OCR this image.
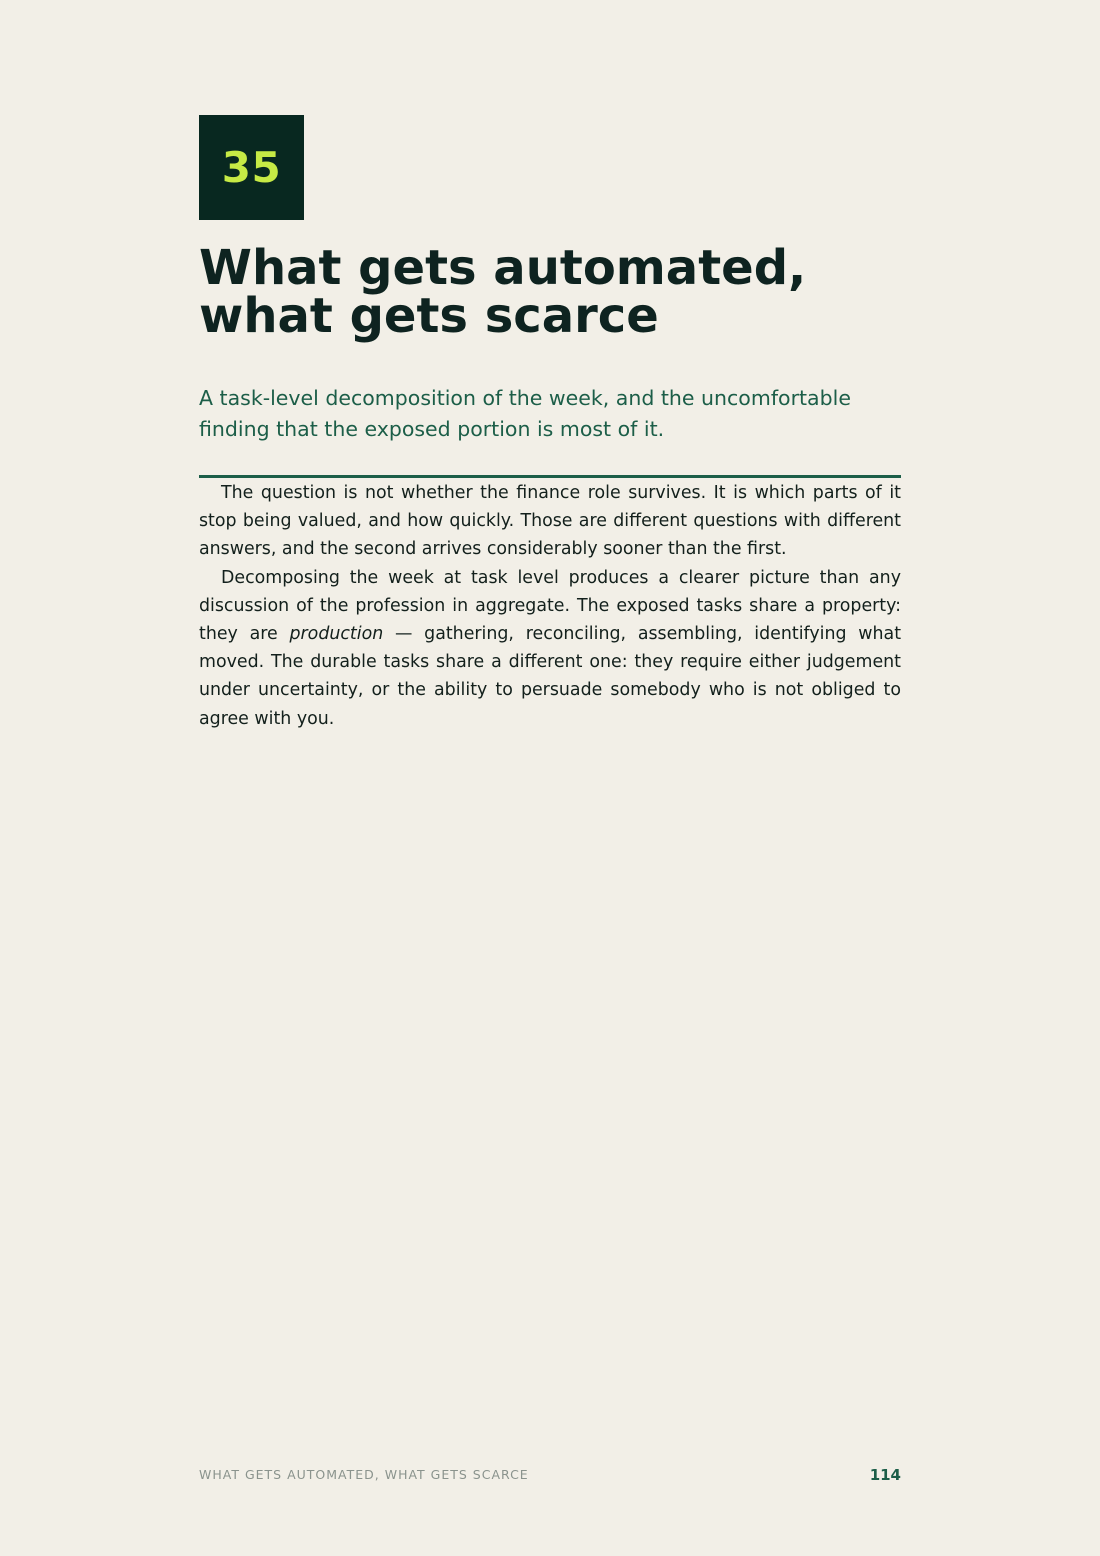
35
What gets automated,
what gets scarce

A task-level decomposition of the week, and the uncomfortable finding that the exposed portion is most of it.

The question is not whether the finance role survives. It is which parts of it stop being valued, and how quickly. Those are different questions with different answers, and the second arrives considerably sooner than the first.

Decomposing the week at task level produces a clearer picture than any discussion of the profession in aggregate. The exposed tasks share a property: they are production — gathering, reconciling, assembling, identifying what moved. The durable tasks share a different one: they require either judgement under uncertainty, or the ability to persuade somebody who is not obliged to agree with you.

WHAT GETS AUTOMATED, WHAT GETS SCARCE	114
